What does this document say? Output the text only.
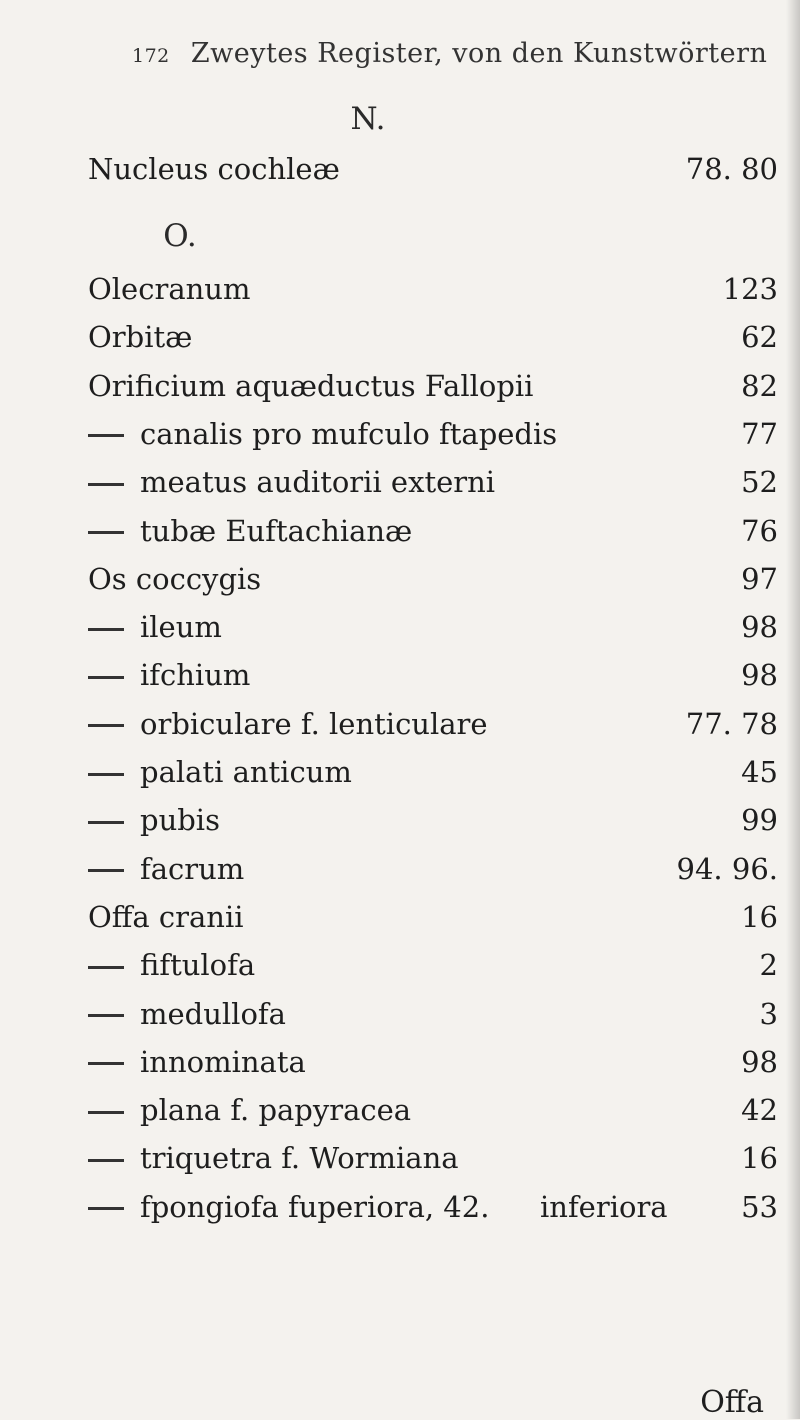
172 Zweytes Register, von den Kunstwörtern
N.
Nucleus cochleæ	78. 80
O.
Olecranum	123
Orbitæ	62
Orificium aquæductus Fallopii	82
canalis pro mufculo ftapedis	77
meatus auditorii externi	52
tubæ Euftachianæ	76
Os coccygis	97
ileum	98
ifchium	98
orbiculare f. lenticulare	77. 78
palati anticum	45
pubis	99
facrum	94. 96.
Offa cranii	16
fiftulofa	2
medullofa	3
innominata	98
plana f. papyracea	42
triquetra f. Wormiana	16
fpongiofa fuperiora, 42. inferiora	53
Offa
